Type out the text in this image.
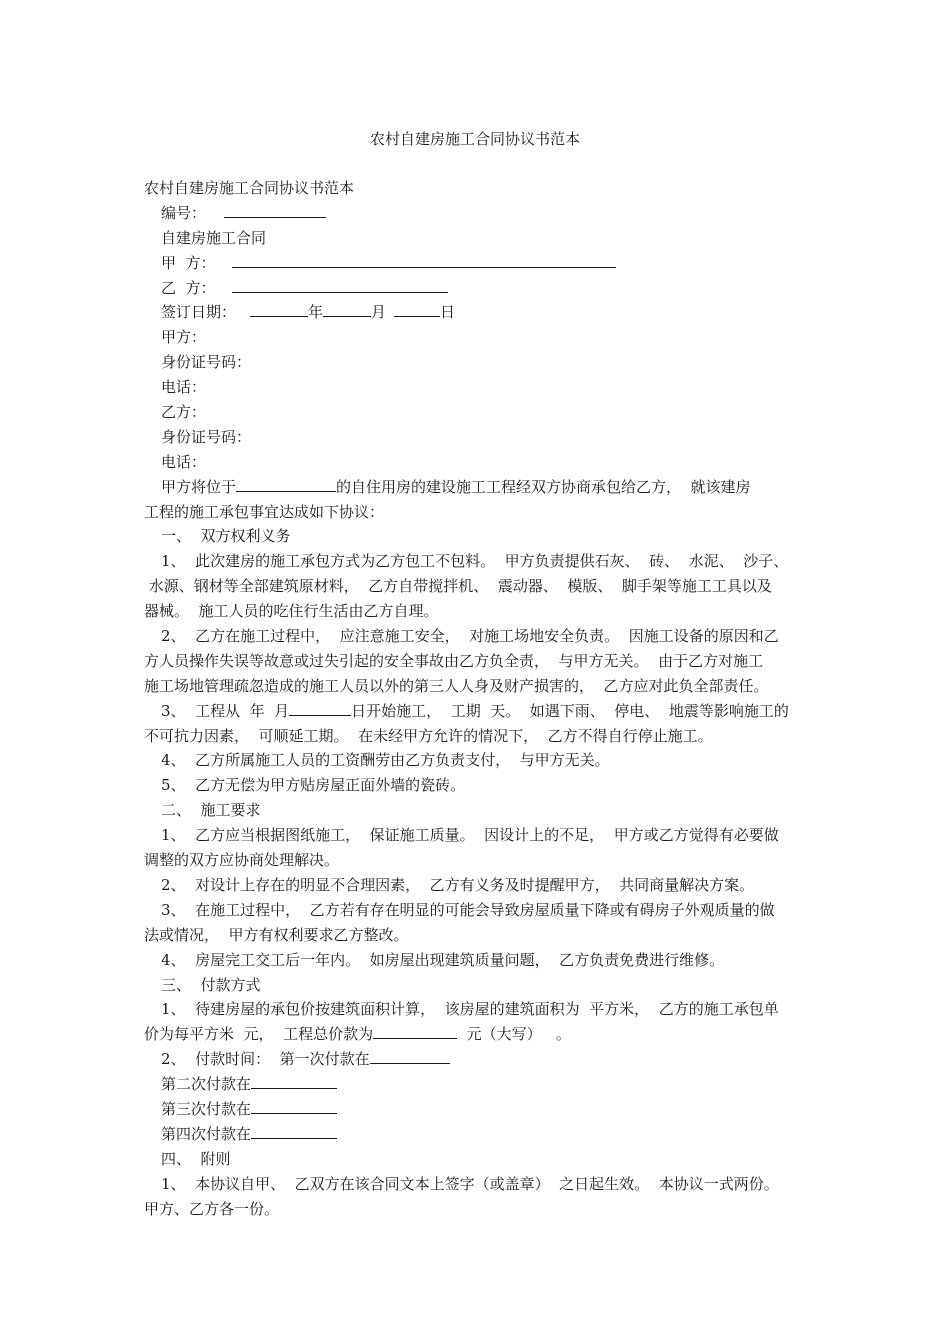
农村自建房施工合同协议书范本
农村自建房施工合同协议书范本
编号：
自建房施工合同
甲  方：
乙  方：
签订日期：	年	月	日
甲方：
身份证号码：
电话：
乙方：
身份证号码：
电话：
甲方将位于	的自住用房的建设施工工程经双方协商承包给乙方，  就该建房
工程的施工承包事宜达成如下协议：
一、  双方权利义务
1、  此次建房的施工承包方式为乙方包工不包料。  甲方负责提供石灰、  砖、  水泥、  沙子、
水源、钢材等全部建筑原材料，  乙方自带搅拌机、  震动器、  模版、  脚手架等施工工具以及
器械。  施工人员的吃住行生活由乙方自理。
2、  乙方在施工过程中，  应注意施工安全，  对施工场地安全负责。  因施工设备的原因和乙
方人员操作失误等故意或过失引起的安全事故由乙方负全责，  与甲方无关。  由于乙方对施工
施工场地管理疏忽造成的施工人员以外的第三人人身及财产损害的，  乙方应对此负全部责任。
3、  工程从  年  月	日开始施工，  工期  天。  如遇下雨、  停电、  地震等影响施工的
不可抗力因素，  可顺延工期。  在未经甲方允许的情况下，  乙方不得自行停止施工。
4、  乙方所属施工人员的工资酬劳由乙方负责支付，  与甲方无关。
5、  乙方无偿为甲方贴房屋正面外墙的瓷砖。
二、  施工要求
1、  乙方应当根据图纸施工，  保证施工质量。  因设计上的不足，  甲方或乙方觉得有必要做
调整的双方应协商处理解决。
2、  对设计上存在的明显不合理因素，  乙方有义务及时提醒甲方，  共同商量解决方案。
3、  在施工过程中，  乙方若有存在明显的可能会导致房屋质量下降或有碍房子外观质量的做
法或情况，  甲方有权利要求乙方整改。
4、  房屋完工交工后一年内。  如房屋出现建筑质量问题，  乙方负责免费进行维修。
三、  付款方式
1、  待建房屋的承包价按建筑面积计算，  该房屋的建筑面积为  平方米，  乙方的施工承包单
价为每平方米  元，  工程总价款为	元（大写）   。
2、  付款时间：  第一次付款在
第二次付款在
第三次付款在
第四次付款在
四、  附则
1、  本协议自甲、  乙双方在该合同文本上签字（或盖章）  之日起生效。  本协议一式两份。
甲方、乙方各一份。
